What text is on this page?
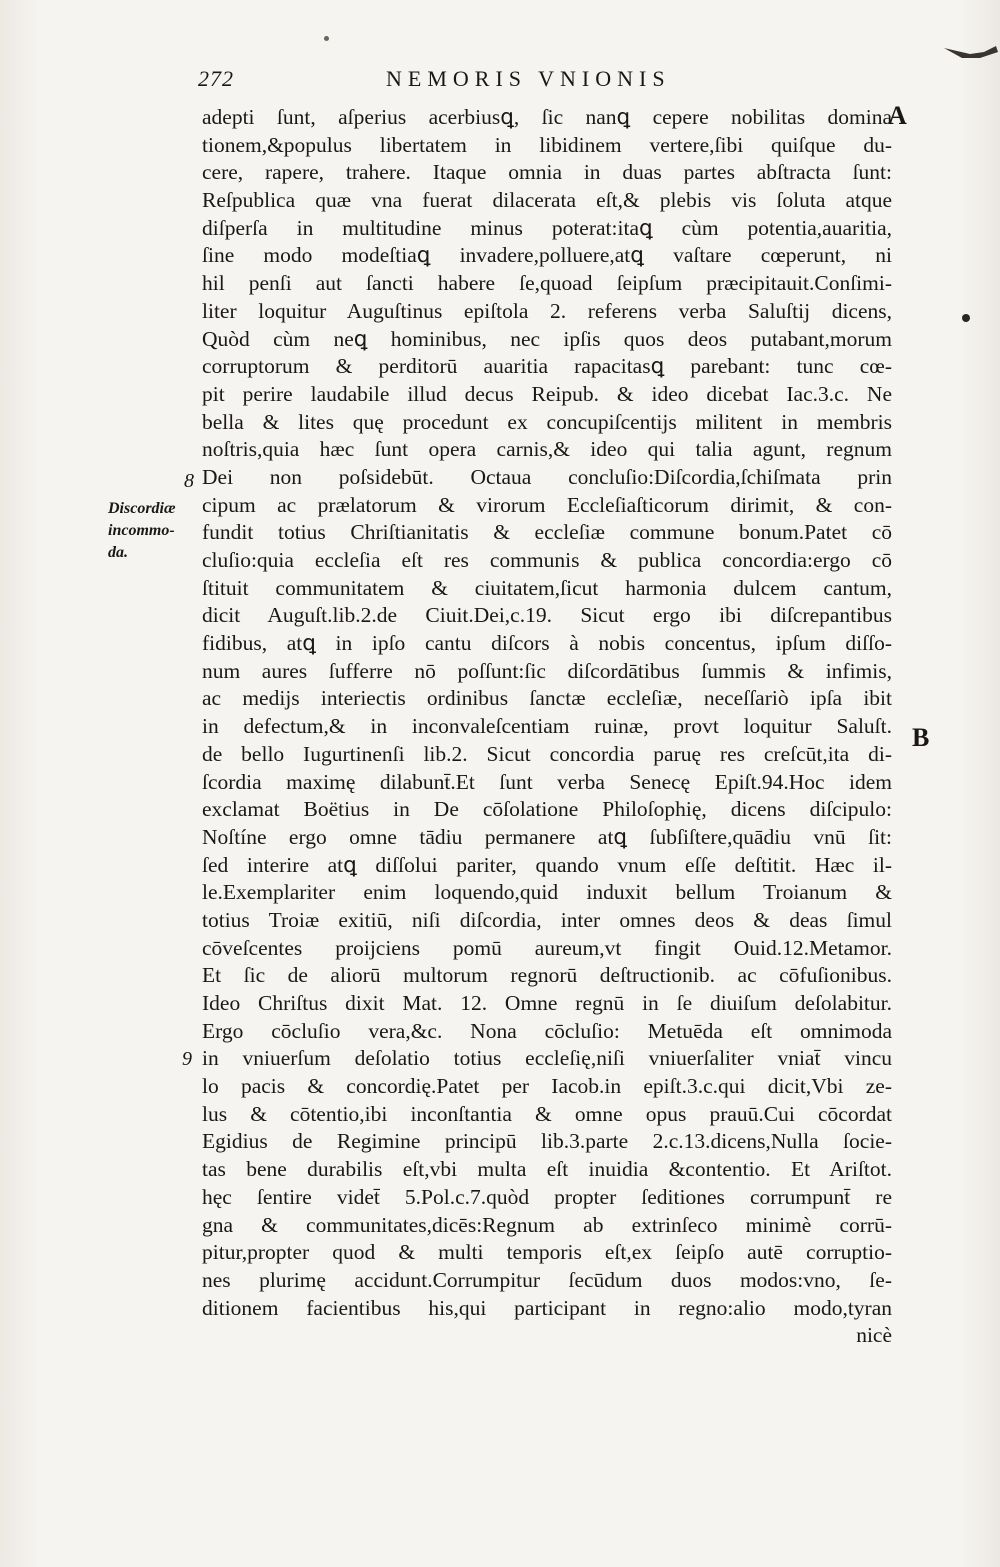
272	NEMORIS VNIONIS
A
B
8
9
Discordiæ
incommo-
da.
adepti ſunt, aſperius acerbiusꝗ, ſic nanꝗ cepere nobilitas domina
tionem,&populus libertatem in libidinem vertere,ſibi quiſque du-
cere, rapere, trahere. Itaque omnia in duas partes abſtracta ſunt:
Reſpublica quæ vna fuerat dilacerata eſt,& plebis vis ſoluta atque
diſperſa in multitudine minus poterat:itaꝗ cùm potentia,auaritia,
ſine modo modeſtiaꝗ invadere,polluere,atꝗ vaſtare cœperunt, ni
hil penſi aut ſancti habere ſe,quoad ſeipſum præcipitauit.Conſimi-
liter loquitur Auguſtinus epiſtola 2. referens verba Saluſtij dicens,
Quòd cùm neꝗ hominibus, nec ipſis quos deos putabant,morum
corruptorum & perditorū auaritia rapacitasꝗ parebant: tunc cœ-
pit perire laudabile illud decus Reipub. & ideo dicebat Iac.3.c. Ne
bella & lites quę procedunt ex concupiſcentijs militent in membris
noſtris,quia hæc ſunt opera carnis,& ideo qui talia agunt, regnum
Dei non poſsidebūt. Octaua concluſio:Diſcordia,ſchiſmata prin
cipum ac prælatorum & virorum Eccleſiaſticorum dirimit, & con-
fundit totius Chriſtianitatis & eccleſiæ commune bonum.Patet cō
cluſio:quia eccleſia eſt res communis & publica concordia:ergo cō
ſtituit communitatem & ciuitatem,ſicut harmonia dulcem cantum,
dicit Auguſt.lib.2.de Ciuit.Dei,c.19. Sicut ergo ibi diſcrepantibus
fidibus, atꝗ in ipſo cantu diſcors à nobis concentus, ipſum diſſo-
num aures ſufferre nō poſſunt:ſic diſcordātibus ſummis & infimis,
ac medijs interiectis ordinibus ſanctæ eccleſiæ, neceſſariò ipſa ibit
in defectum,& in inconvaleſcentiam ruinæ, provt loquitur Saluſt.
de bello Iugurtinenſi lib.2. Sicut concordia paruę res creſcūt,ita di-
ſcordia maximę dilabunt̄.Et ſunt verba Senecę Epiſt.94.Hoc idem
exclamat Boëtius in De cōſolatione Philoſophię, dicens diſcipulo:
Noſtíne ergo omne tādiu permanere atꝗ ſubſiſtere,quādiu vnū ſit:
ſed interire atꝗ diſſolui pariter, quando vnum eſſe deſtitit. Hæc il-
le.Exemplariter enim loquendo,quid induxit bellum Troianum &
totius Troiæ exitiū, niſi diſcordia, inter omnes deos & deas ſimul
cōveſcentes proijciens pomū aureum,vt fingit Ouid.12.Metamor.
Et ſic de aliorū multorum regnorū deſtructionib. ac cōfuſionibus.
Ideo Chriſtus dixit Mat. 12. Omne regnū in ſe diuiſum deſolabitur.
Ergo cōcluſio vera,&c. Nona cōcluſio: Metuēda eſt omnimoda
in vniuerſum deſolatio totius eccleſię,niſi vniuerſaliter vniat̄ vincu
lo pacis & concordię.Patet per Iacob.in epiſt.3.c.qui dicit,Vbi ze-
lus & cōtentio,ibi inconſtantia & omne opus prauū.Cui cōcordat
Egidius de Regimine principū lib.3.parte 2.c.13.dicens,Nulla ſocie-
tas bene durabilis eſt,vbi multa eſt inuidia &contentio. Et Ariſtot.
hęc ſentire videt̄ 5.Pol.c.7.quòd propter ſeditiones corrumpunt̄ re
gna & communitates,dicēs:Regnum ab extrinſeco minimè corrū-
pitur,propter quod & multi temporis eſt,ex ſeipſo autē corruptio-
nes plurimę accidunt.Corrumpitur ſecūdum duos modos:vno, ſe-
ditionem facientibus his,qui participant in regno:alio modo,tyran
nicè
